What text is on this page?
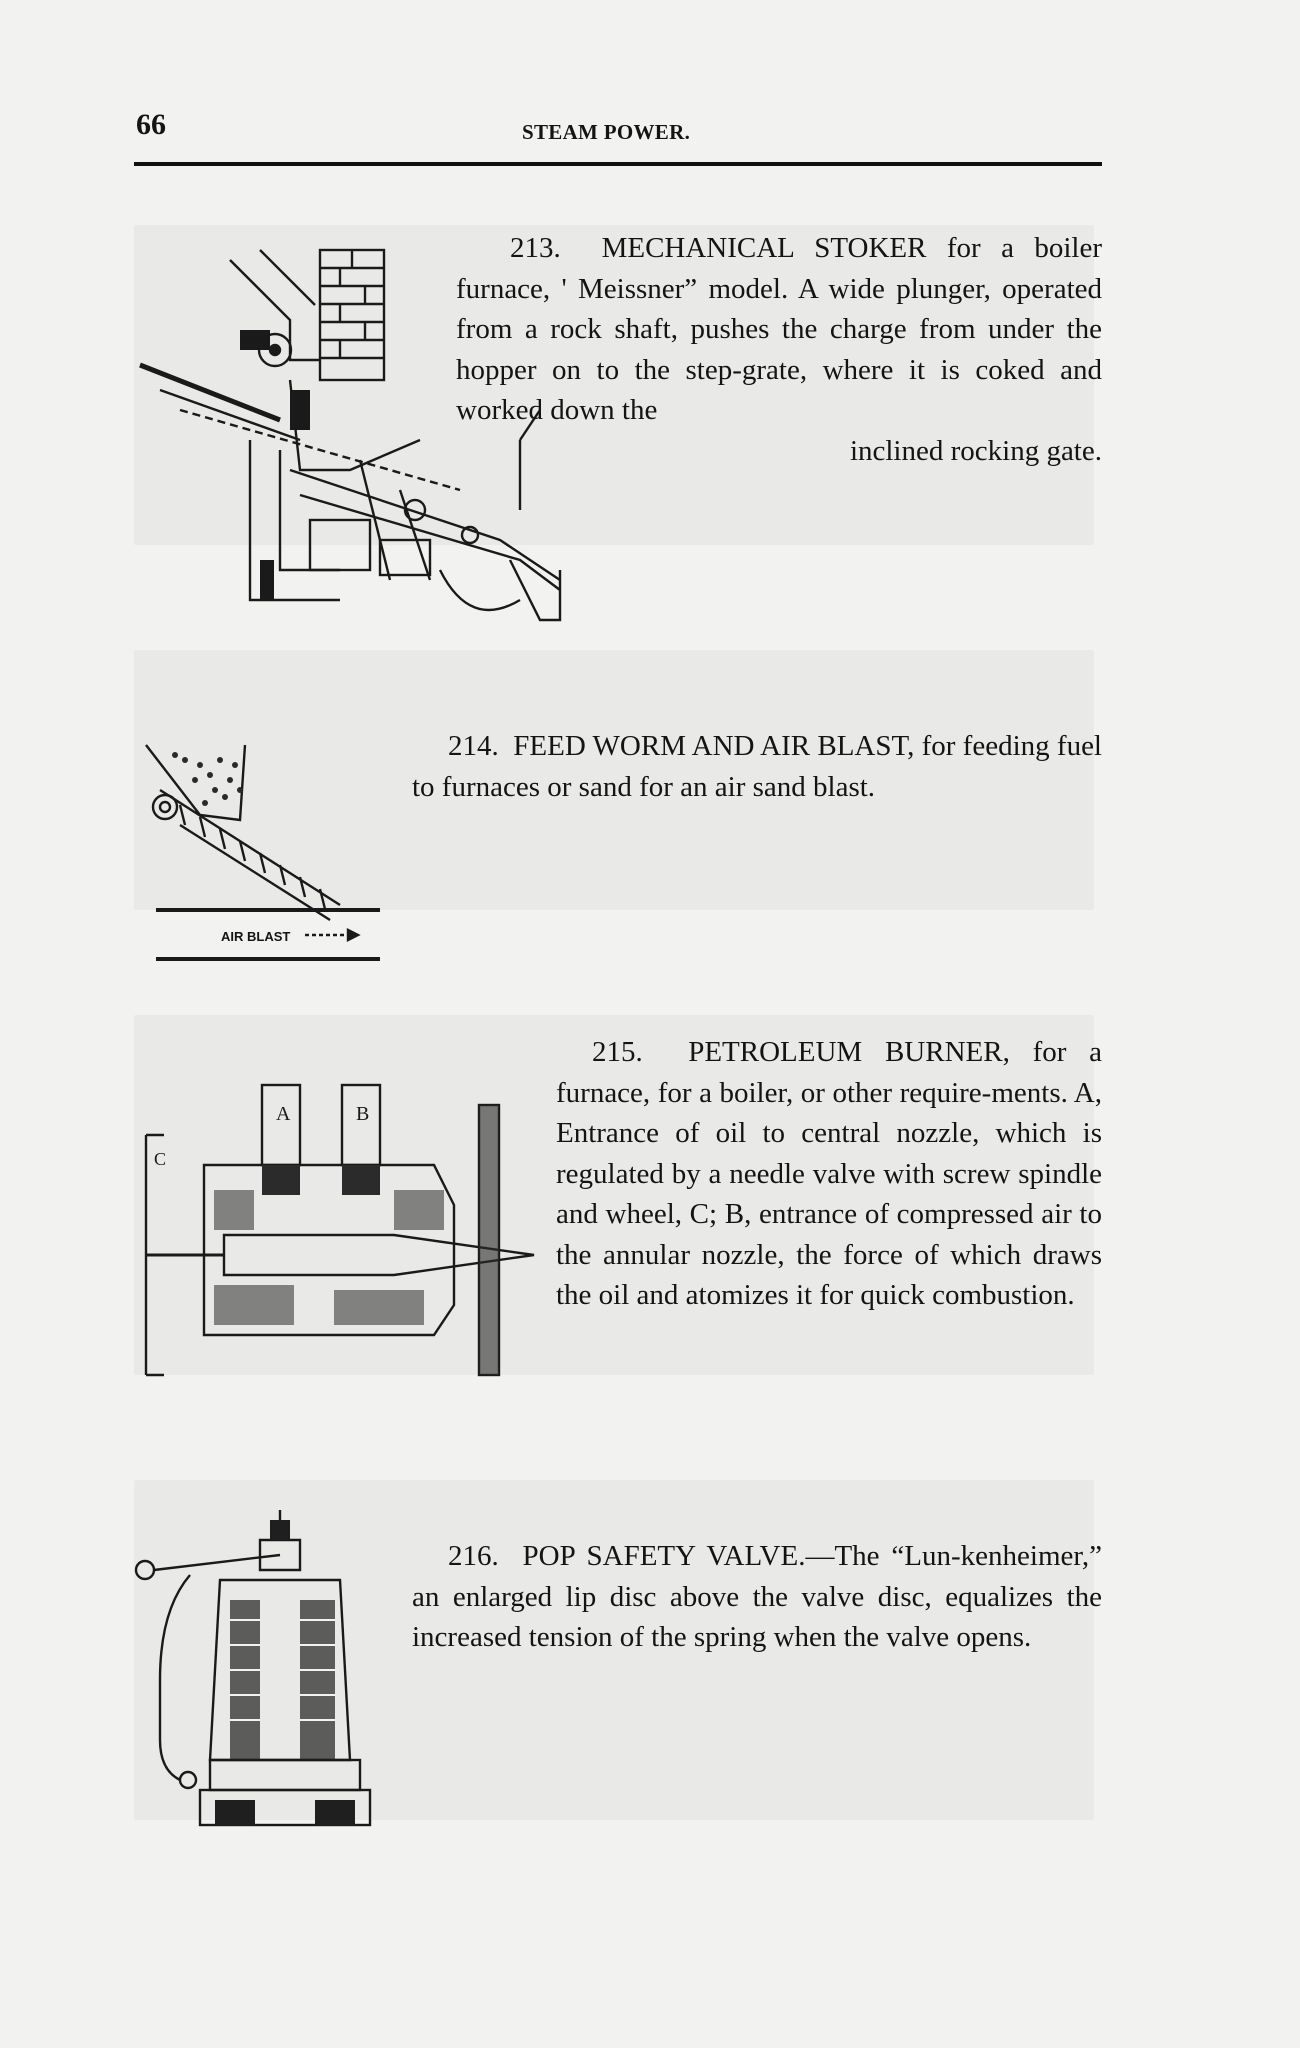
66	STEAM POWER.

213. MECHANICAL STOKER for a boiler furnace, ' Meissner” model. A wide plunger, operated from a rock shaft, pushes the charge from under the hopper on to the step-grate, where it is coked and worked down the
inclined rocking gate.

214. FEED WORM AND AIR BLAST, for feeding fuel to furnaces or sand for an air sand blast.

AIR BLAST

215. PETROLEUM BURNER, for a furnace, for a boiler, or other require-ments. A, Entrance of oil to central nozzle, which is regulated by a needle valve with screw spindle and wheel, C; B, entrance of compressed air to the annular nozzle, the force of which draws the oil and atomizes it for quick combustion.

A	B
C

216. POP SAFETY VALVE.—The “Lun-kenheimer,” an enlarged lip disc above the valve disc, equalizes the increased tension of the spring when the valve opens.
